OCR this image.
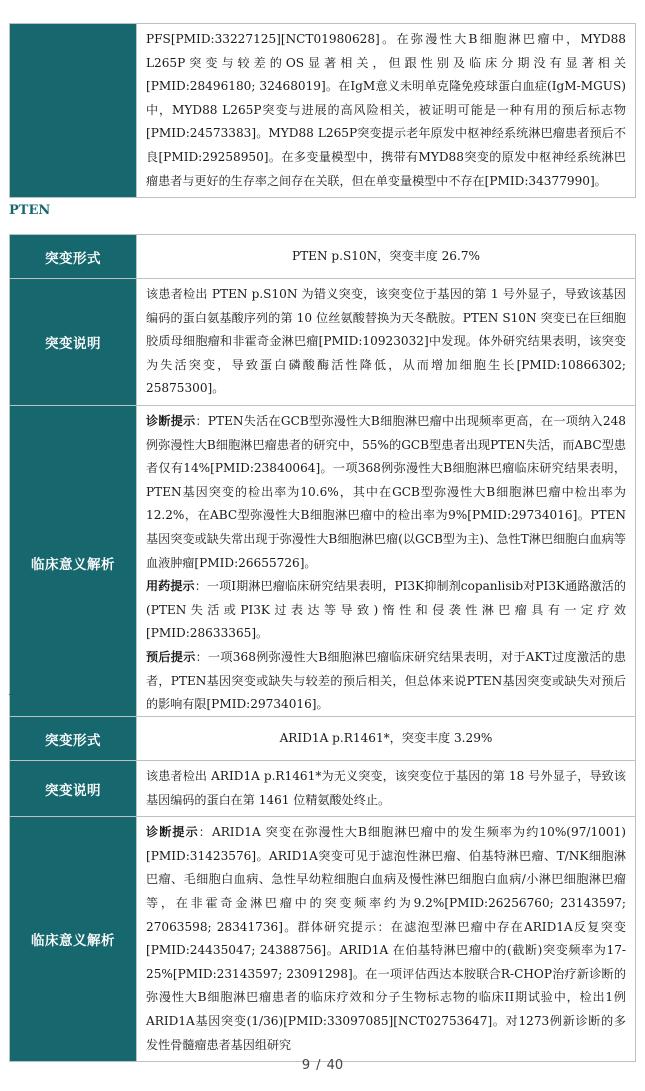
	PFS[PMID:33227125][NCT01980628]。在弥漫性大B细胞淋巴瘤中，MYD88 L265P突变与较差的OS显著相关，但跟性别及临床分期没有显著相关[PMID:28496180; 32468019]。在IgM意义未明单克隆免疫球蛋白血症(IgM-MGUS)中，MYD88 L265P突变与进展的高风险相关，被证明可能是一种有用的预后标志物[PMID:24573383]。MYD88 L265P突变提示老年原发中枢神经系统淋巴瘤患者预后不良[PMID:29258950]。在多变量模型中，携带有MYD88突变的原发中枢神经系统淋巴瘤患者与更好的生存率之间存在关联，但在单变量模型中不存在[PMID:34377990]。
PTEN
突变形式	PTEN p.S10N，突变丰度 26.7%
突变说明	该患者检出 PTEN p.S10N 为错义突变，该突变位于基因的第 1 号外显子，导致该基因编码的蛋白氨基酸序列的第 10 位丝氨酸替换为天冬酰胺。PTEN S10N 突变已在巨细胞胶质母细胞瘤和非霍奇金淋巴瘤[PMID:10923032]中发现。体外研究结果表明，该突变为失活突变，导致蛋白磷酸酶活性降低，从而增加细胞生长[PMID:10866302; 25875300]。
临床意义解析	诊断提示：PTEN失活在GCB型弥漫性大B细胞淋巴瘤中出现频率更高，在一项纳入248例弥漫性大B细胞淋巴瘤患者的研究中，55%的GCB型患者出现PTEN失活，而ABC型患者仅有14%[PMID:23840064]。一项368例弥漫性大B细胞淋巴瘤临床研究结果表明，PTEN基因突变的检出率为10.6%，其中在GCB型弥漫性大B细胞淋巴瘤中检出率为12.2%，在ABC型弥漫性大B细胞淋巴瘤中的检出率为9%[PMID:29734016]。PTEN基因突变或缺失常出现于弥漫性大B细胞淋巴瘤(以GCB型为主)、急性T淋巴细胞白血病等血液肿瘤[PMID:26655726]。
用药提示：一项I期淋巴瘤临床研究结果表明，PI3K抑制剂copanlisib对PI3K通路激活的(PTEN失活或PI3K过表达等导致)惰性和侵袭性淋巴瘤具有一定疗效[PMID:28633365]。
预后提示：一项368例弥漫性大B细胞淋巴瘤临床研究结果表明，对于AKT过度激活的患者，PTEN基因突变或缺失与较差的预后相关，但总体来说PTEN基因突变或缺失对预后的影响有限[PMID:29734016]。
ARID1A
突变形式	ARID1A p.R1461*，突变丰度 3.29%
突变说明	该患者检出 ARID1A p.R1461*为无义突变，该突变位于基因的第 18 号外显子，导致该基因编码的蛋白在第 1461 位精氨酸处终止。
临床意义解析	诊断提示：ARID1A 突变在弥漫性大B细胞淋巴瘤中的发生频率为约10%(97/1001)[PMID:31423576]。ARID1A突变可见于滤泡性淋巴瘤、伯基特淋巴瘤、T/NK细胞淋巴瘤、毛细胞白血病、急性早幼粒细胞白血病及慢性淋巴细胞白血病/小淋巴细胞淋巴瘤等，在非霍奇金淋巴瘤中的突变频率约为9.2%[PMID:26256760; 23143597; 27063598; 28341736]。群体研究提示：在滤泡型淋巴瘤中存在ARID1A反复突变[PMID:24435047; 24388756]。ARID1A 在伯基特淋巴瘤中的(截断)突变频率为17-25%[PMID:23143597; 23091298]。在一项评估西达本胺联合R-CHOP治疗新诊断的弥漫性大B细胞淋巴瘤患者的临床疗效和分子生物标志物的临床II期试验中，检出1例ARID1A基因突变(1/36)[PMID:33097085][NCT02753647]。对1273例新诊断的多发性骨髓瘤患者基因组研究
9 / 40
